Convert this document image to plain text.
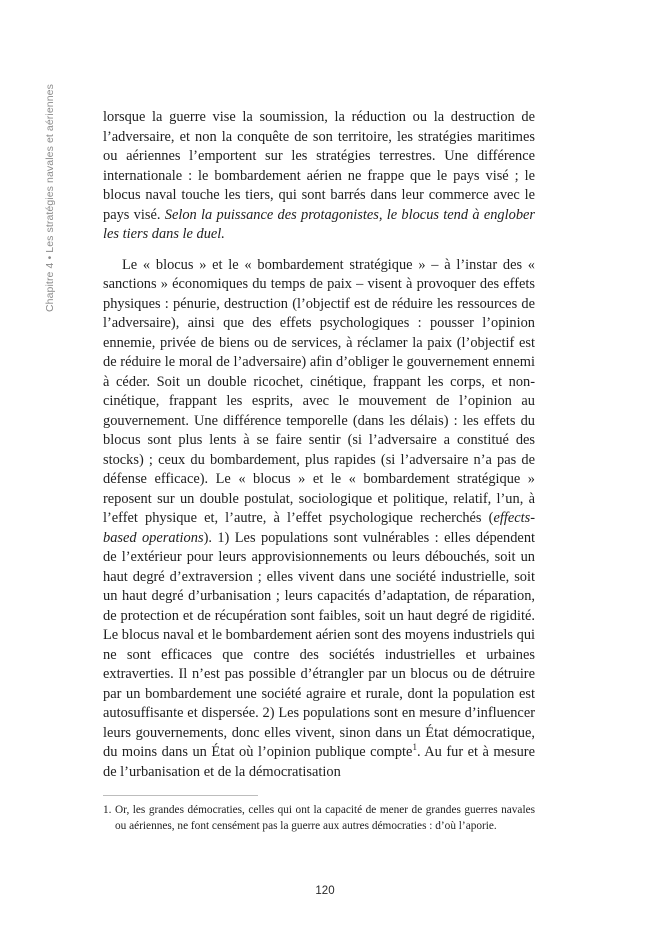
Chapitre 4 • Les stratégies navales et aériennes	lorsque la guerre vise la soumission, la réduction ou la destruction de l’adversaire, et non la conquête de son territoire, les stratégies maritimes ou aériennes l’emportent sur les stratégies terrestres. Une différence internationale : le bombardement aérien ne frappe que le pays visé ; le blocus naval touche les tiers, qui sont barrés dans leur commerce avec le pays visé. Selon la puissance des protagonistes, le blocus tend à englober les tiers dans le duel.

Le « blocus » et le « bombardement stratégique » – à l’instar des « sanctions » économiques du temps de paix – visent à provoquer des effets physiques : pénurie, destruction (l’objectif est de réduire les ressources de l’adversaire), ainsi que des effets psychologiques : pousser l’opinion ennemie, privée de biens ou de services, à réclamer la paix (l’objectif est de réduire le moral de l’adversaire) afin d’obliger le gouvernement ennemi à céder. Soit un double ricochet, cinétique, frappant les corps, et non-cinétique, frappant les esprits, avec le mouvement de l’opinion au gouvernement. Une différence temporelle (dans les délais) : les effets du blocus sont plus lents à se faire sentir (si l’adversaire a constitué des stocks) ; ceux du bombardement, plus rapides (si l’adversaire n’a pas de défense efficace). Le « blocus » et le « bombardement stratégique » reposent sur un double postulat, sociologique et politique, relatif, l’un, à l’effet physique et, l’autre, à l’effet psychologique recherchés (effects-based operations). 1) Les populations sont vulnérables : elles dépendent de l’extérieur pour leurs approvisionnements ou leurs débouchés, soit un haut degré d’extraversion ; elles vivent dans une société industrielle, soit un haut degré d’urbanisation ; leurs capacités d’adaptation, de réparation, de protection et de récupération sont faibles, soit un haut degré de rigidité. Le blocus naval et le bombardement aérien sont des moyens industriels qui ne sont efficaces que contre des sociétés industrielles et urbaines extraverties. Il n’est pas possible d’étrangler par un blocus ou de détruire par un bombardement une société agraire et rurale, dont la population est autosuffisante et dispersée. 2) Les populations sont en mesure d’influencer leurs gouvernements, donc elles vivent, sinon dans un État démocratique, du moins dans un État où l’opinion publique compte$^1$. Au fur et à mesure de l’urbanisation et de la démocratisation

1. Or, les grandes démocraties, celles qui ont la capacité de mener de grandes guerres navales ou aériennes, ne font censément pas la guerre aux autres démocraties : d’où l’aporie.
120
